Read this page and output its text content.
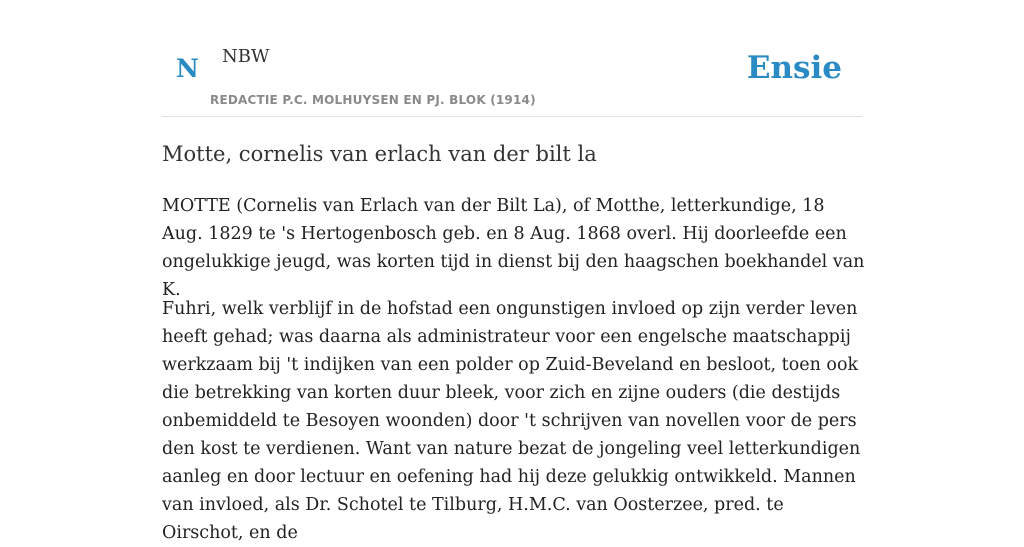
N NBW
REDACTIE P.C. MOLHUYSEN EN PJ. BLOK (1914)
Ensie
Motte, cornelis van erlach van der bilt la

MOTTE (Cornelis van Erlach van der Bilt La), of Motthe, letterkundige, 18 Aug. 1829 te 's Hertogenbosch geb. en 8 Aug. 1868 overl. Hij doorleefde een ongelukkige jeugd, was korten tijd in dienst bij den haagschen boekhandel van K.

Fuhri, welk verblijf in de hofstad een ongunstigen invloed op zijn verder leven heeft gehad; was daarna als administrateur voor een engelsche maatschappij werkzaam bij 't indijken van een polder op Zuid-Beveland en besloot, toen ook die betrekking van korten duur bleek, voor zich en zijne ouders (die destijds onbemiddeld te Besoyen woonden) door 't schrijven van novellen voor de pers den kost te verdienen. Want van nature bezat de jongeling veel letterkundigen aanleg en door lectuur en oefening had hij deze gelukkig ontwikkeld. Mannen van invloed, als Dr. Schotel te Tilburg, H.M.C. van Oosterzee, pred. te Oirschot, en de
